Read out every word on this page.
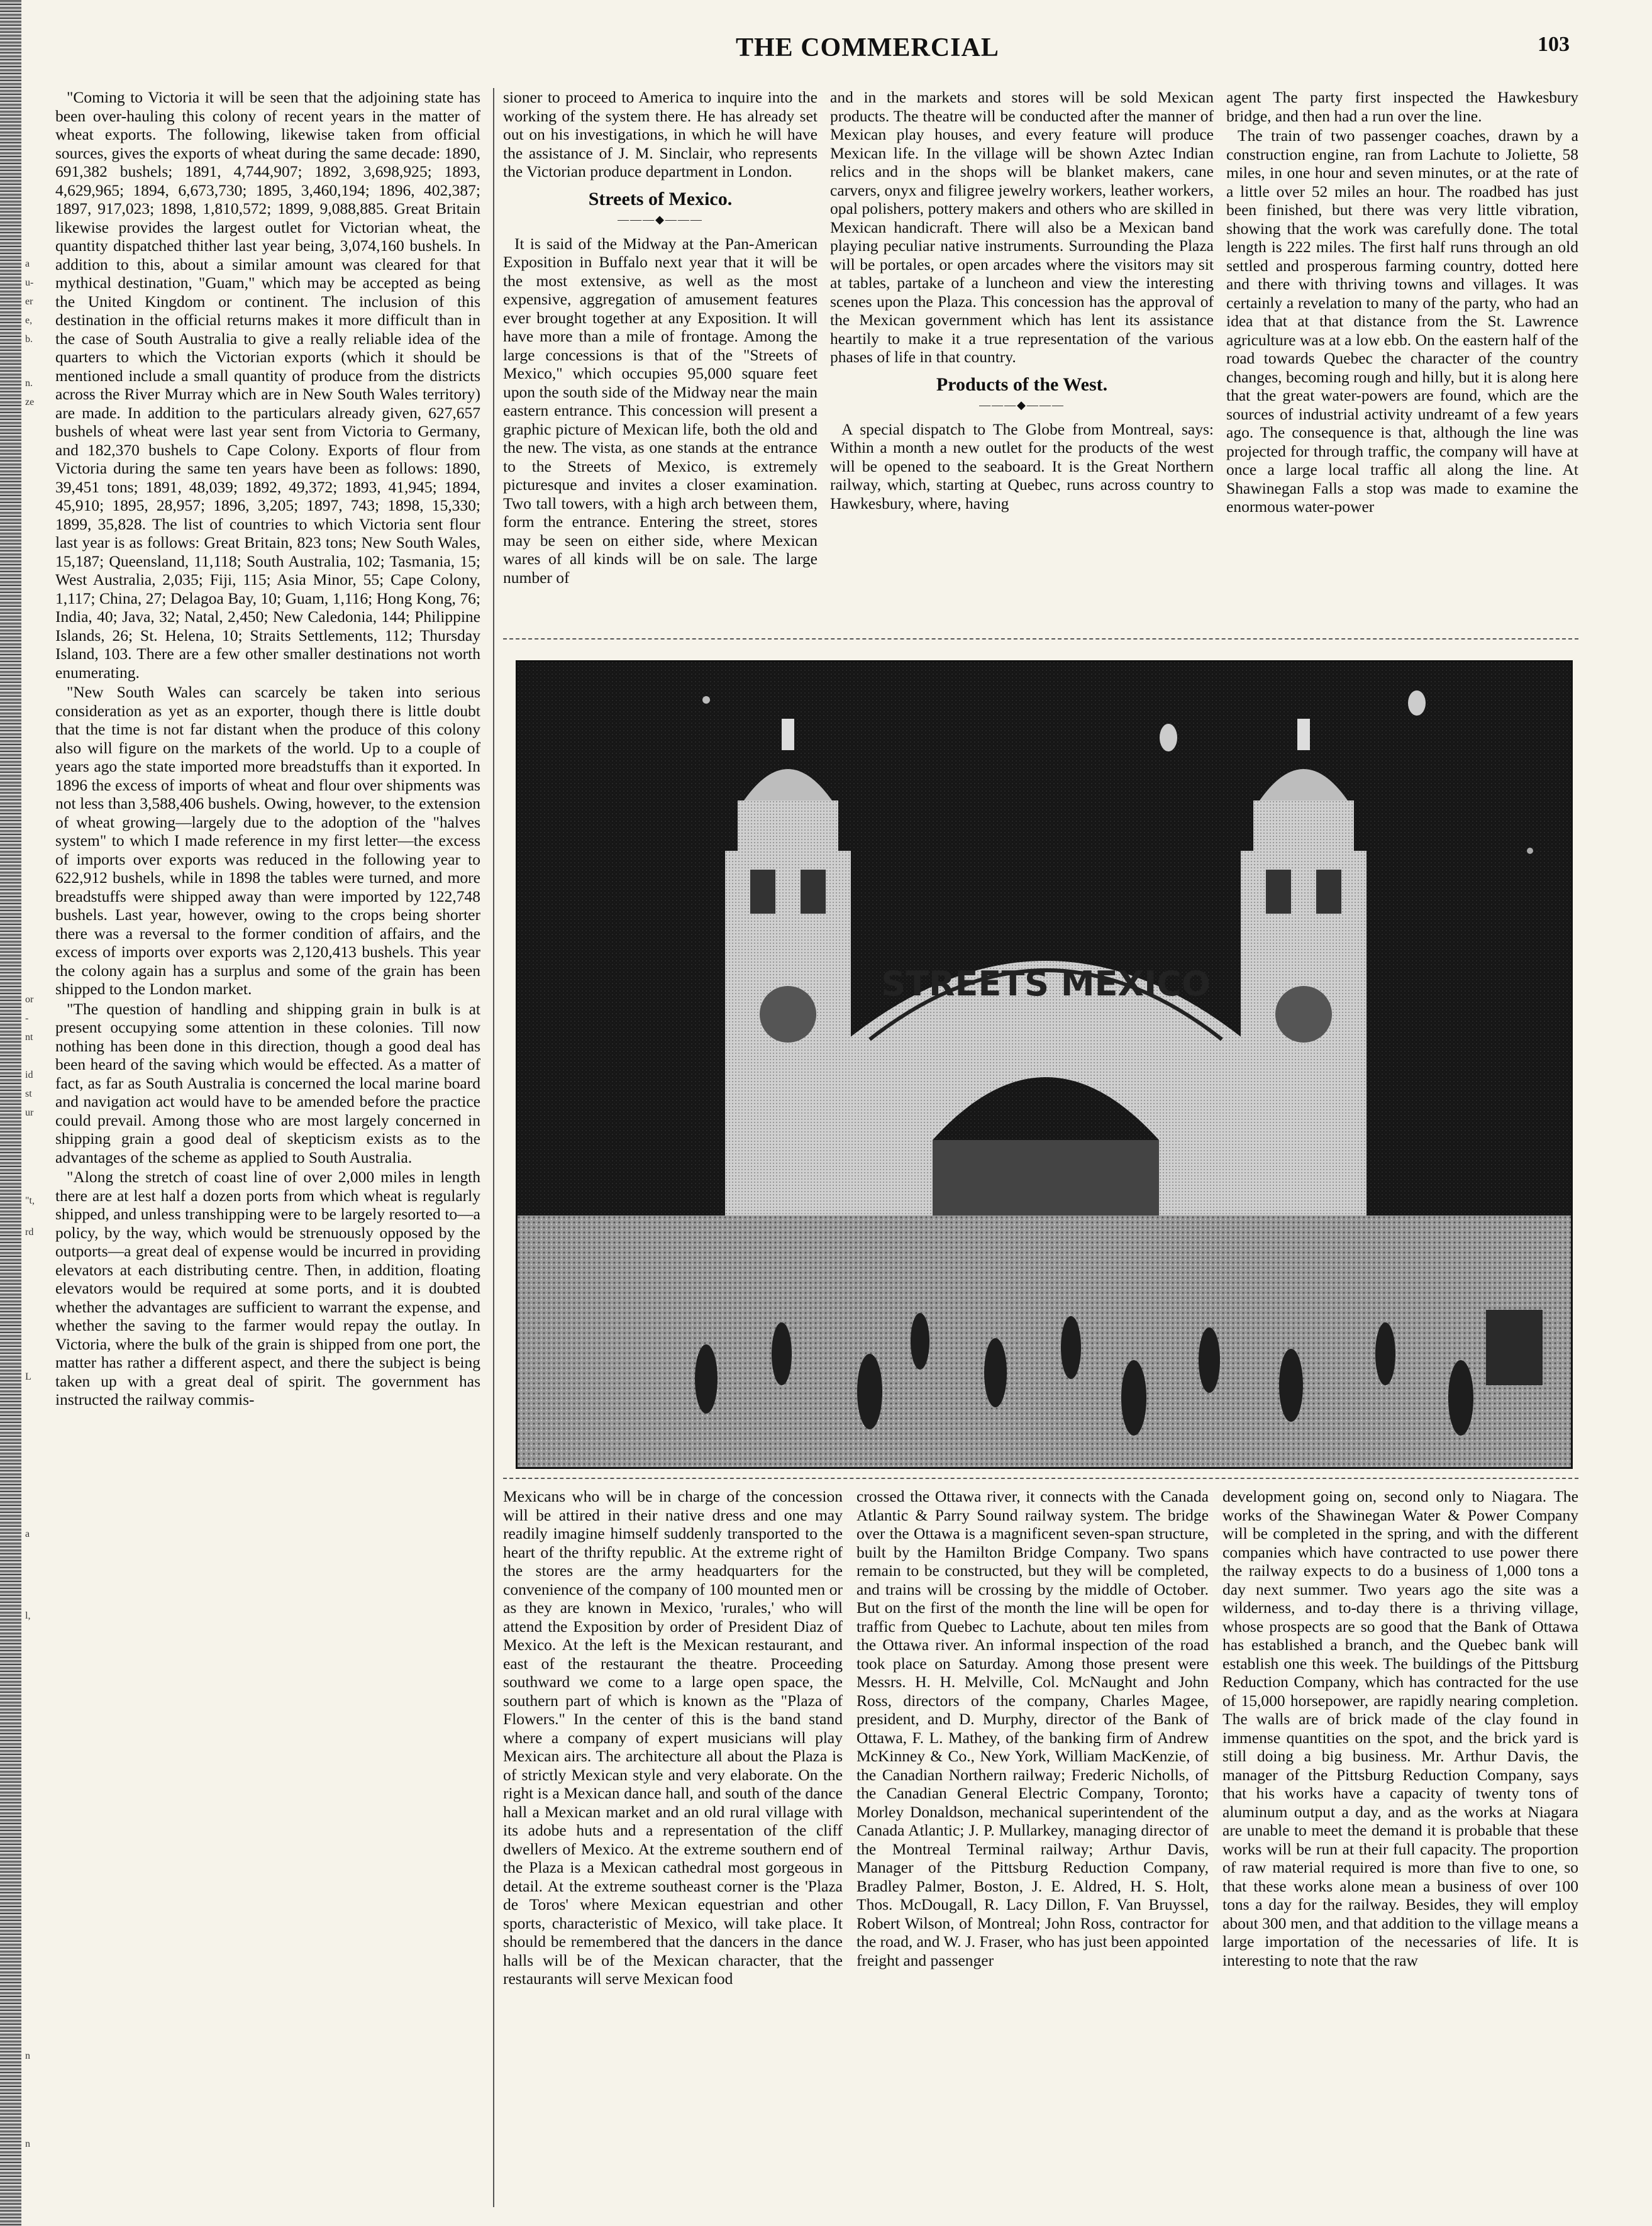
a
u-
er
e,
b.
n.
ze
or
-
nt
id
st
ur
"t,
rd
L
a
l,
n
n
THE COMMERCIAL	103

"Coming to Victoria it will be seen that the adjoining state has been over-hauling this colony of recent years in the matter of wheat exports. The following, likewise taken from official sources, gives the exports of wheat during the same decade: 1890, 691,382 bushels; 1891, 4,744,907; 1892, 3,698,925; 1893, 4,629,965; 1894, 6,673,730; 1895, 3,460,194; 1896, 402,387; 1897, 917,023; 1898, 1,810,572; 1899, 9,088,885. Great Britain likewise provides the largest outlet for Victorian wheat, the quantity dispatched thither last year being, 3,074,160 bushels. In addition to this, about a similar amount was cleared for that mythical destination, "Guam," which may be accepted as being the United Kingdom or continent. The inclusion of this destination in the official returns makes it more difficult than in the case of South Australia to give a really reliable idea of the quarters to which the Victorian exports (which it should be mentioned include a small quantity of produce from the districts across the River Murray which are in New South Wales territory) are made. In addition to the particulars already given, 627,657 bushels of wheat were last year sent from Victoria to Germany, and 182,370 bushels to Cape Colony. Exports of flour from Victoria during the same ten years have been as follows: 1890, 39,451 tons; 1891, 48,039; 1892, 49,372; 1893, 41,945; 1894, 45,910; 1895, 28,957; 1896, 3,205; 1897, 743; 1898, 15,330; 1899, 35,828. The list of countries to which Victoria sent flour last year is as follows: Great Britain, 823 tons; New South Wales, 15,187; Queensland, 11,118; South Australia, 102; Tasmania, 15; West Australia, 2,035; Fiji, 115; Asia Minor, 55; Cape Colony, 1,117; China, 27; Delagoa Bay, 10; Guam, 1,116; Hong Kong, 76; India, 40; Java, 32; Natal, 2,450; New Caledonia, 144; Philippine Islands, 26; St. Helena, 10; Straits Settlements, 112; Thursday Island, 103. There are a few other smaller destinations not worth enumerating.

"New South Wales can scarcely be taken into serious consideration as yet as an exporter, though there is little doubt that the time is not far distant when the produce of this colony also will figure on the markets of the world. Up to a couple of years ago the state imported more breadstuffs than it exported. In 1896 the excess of imports of wheat and flour over shipments was not less than 3,588,406 bushels. Owing, however, to the extension of wheat growing—largely due to the adoption of the "halves system" to which I made reference in my first letter—the excess of imports over exports was reduced in the following year to 622,912 bushels, while in 1898 the tables were turned, and more breadstuffs were shipped away than were imported by 122,748 bushels. Last year, however, owing to the crops being shorter there was a reversal to the former condition of affairs, and the excess of imports over exports was 2,120,413 bushels. This year the colony again has a surplus and some of the grain has been shipped to the London market.

"The question of handling and shipping grain in bulk is at present occupying some attention in these colonies. Till now nothing has been done in this direction, though a good deal has been heard of the saving which would be effected. As a matter of fact, as far as South Australia is concerned the local marine board and navigation act would have to be amended before the practice could prevail. Among those who are most largely concerned in shipping grain a good deal of skepticism exists as to the advantages of the scheme as applied to South Australia.

"Along the stretch of coast line of over 2,000 miles in length there are at lest half a dozen ports from which wheat is regularly shipped, and unless transhipping were to be largely resorted to—a policy, by the way, which would be strenuously opposed by the outports—a great deal of expense would be incurred in providing elevators at each distributing centre. Then, in addition, floating elevators would be required at some ports, and it is doubted whether the advantages are sufficient to warrant the expense, and whether the saving to the farmer would repay the outlay. In Victoria, where the bulk of the grain is shipped from one port, the matter has rather a different aspect, and there the subject is being taken up with a great deal of spirit. The government has instructed the railway commis-

sioner to proceed to America to inquire into the working of the system there. He has already set out on his investigations, in which he will have the assistance of J. M. Sinclair, who represents the Victorian produce department in London.

Streets of Mexico.
———◆———

It is said of the Midway at the Pan-American Exposition in Buffalo next year that it will be the most extensive, as well as the most expensive, aggregation of amusement features ever brought together at any Exposition. It will have more than a mile of frontage. Among the large concessions is that of the "Streets of Mexico," which occupies 95,000 square feet upon the south side of the Midway near the main eastern entrance. This concession will present a graphic picture of Mexican life, both the old and the new. The vista, as one stands at the entrance to the Streets of Mexico, is extremely picturesque and invites a closer examination. Two tall towers, with a high arch between them, form the entrance. Entering the street, stores may be seen on either side, where Mexican wares of all kinds will be on sale. The large number of

and in the markets and stores will be sold Mexican products. The theatre will be conducted after the manner of Mexican play houses, and every feature will produce Mexican life. In the village will be shown Aztec Indian relics and in the shops will be blanket makers, cane carvers, onyx and filigree jewelry workers, leather workers, opal polishers, pottery makers and others who are skilled in Mexican handicraft. There will also be a Mexican band playing peculiar native instruments. Surrounding the Plaza will be portales, or open arcades where the visitors may sit at tables, partake of a luncheon and view the interesting scenes upon the Plaza. This concession has the approval of the Mexican government which has lent its assistance heartily to make it a true representation of the various phases of life in that country.

Products of the West.
———◆———

A special dispatch to The Globe from Montreal, says: Within a month a new outlet for the products of the west will be opened to the seaboard. It is the Great Northern railway, which, starting at Quebec, runs across country to Hawkesbury, where, having

agent The party first inspected the Hawkesbury bridge, and then had a run over the line.

The train of two passenger coaches, drawn by a construction engine, ran from Lachute to Joliette, 58 miles, in one hour and seven minutes, or at the rate of a little over 52 miles an hour. The roadbed has just been finished, but there was very little vibration, showing that the work was carefully done. The total length is 222 miles. The first half runs through an old settled and prosperous farming country, dotted here and there with thriving towns and villages. It was certainly a revelation to many of the party, who had an idea that at that distance from the St. Lawrence agriculture was at a low ebb. On the eastern half of the road towards Quebec the character of the country changes, becoming rough and hilly, but it is along here that the great water-powers are found, which are the sources of industrial activity undreamt of a few years ago. The consequence is that, although the line was projected for through traffic, the company will have at once a large local traffic all along the line. At Shawinegan Falls a stop was made to examine the enormous water-power

STREETS MEXICO

Mexicans who will be in charge of the concession will be attired in their native dress and one may readily imagine himself suddenly transported to the heart of the thrifty republic. At the extreme right of the stores are the army headquarters for the convenience of the company of 100 mounted men or as they are known in Mexico, 'rurales,' who will attend the Exposition by order of President Diaz of Mexico. At the left is the Mexican restaurant, and east of the restaurant the theatre. Proceeding southward we come to a large open space, the southern part of which is known as the "Plaza of Flowers." In the center of this is the band stand where a company of expert musicians will play Mexican airs. The architecture all about the Plaza is of strictly Mexican style and very elaborate. On the right is a Mexican dance hall, and south of the dance hall a Mexican market and an old rural village with its adobe huts and a representation of the cliff dwellers of Mexico. At the extreme southern end of the Plaza is a Mexican cathedral most gorgeous in detail. At the extreme southeast corner is the 'Plaza de Toros' where Mexican equestrian and other sports, characteristic of Mexico, will take place. It should be remembered that the dancers in the dance halls will be of the Mexican character, that the restaurants will serve Mexican food

crossed the Ottawa river, it connects with the Canada Atlantic & Parry Sound railway system. The bridge over the Ottawa is a magnificent seven-span structure, built by the Hamilton Bridge Company. Two spans remain to be constructed, but they will be completed, and trains will be crossing by the middle of October. But on the first of the month the line will be open for traffic from Quebec to Lachute, about ten miles from the Ottawa river. An informal inspection of the road took place on Saturday. Among those present were Messrs. H. H. Melville, Col. McNaught and John Ross, directors of the company, Charles Magee, president, and D. Murphy, director of the Bank of Ottawa, F. L. Mathey, of the banking firm of Andrew McKinney & Co., New York, William MacKenzie, of the Canadian Northern railway; Frederic Nicholls, of the Canadian General Electric Company, Toronto; Morley Donaldson, mechanical superintendent of the Canada Atlantic; J. P. Mullarkey, managing director of the Montreal Terminal railway; Arthur Davis, Manager of the Pittsburg Reduction Company, Bradley Palmer, Boston, J. E. Aldred, H. S. Holt, Thos. McDougall, R. Lacy Dillon, F. Van Bruyssel, Robert Wilson, of Montreal; John Ross, contractor for the road, and W. J. Fraser, who has just been appointed freight and passenger

development going on, second only to Niagara. The works of the Shawinegan Water & Power Company will be completed in the spring, and with the different companies which have contracted to use power there the railway expects to do a business of 1,000 tons a day next summer. Two years ago the site was a wilderness, and to-day there is a thriving village, whose prospects are so good that the Bank of Ottawa has established a branch, and the Quebec bank will establish one this week. The buildings of the Pittsburg Reduction Company, which has contracted for the use of 15,000 horsepower, are rapidly nearing completion. The walls are of brick made of the clay found in immense quantities on the spot, and the brick yard is still doing a big business. Mr. Arthur Davis, the manager of the Pittsburg Reduction Company, says that his works have a capacity of twenty tons of aluminum output a day, and as the works at Niagara are unable to meet the demand it is probable that these works will be run at their full capacity. The proportion of raw material required is more than five to one, so that these works alone mean a business of over 100 tons a day for the railway. Besides, they will employ about 300 men, and that addition to the village means a large importation of the necessaries of life. It is interesting to note that the raw
